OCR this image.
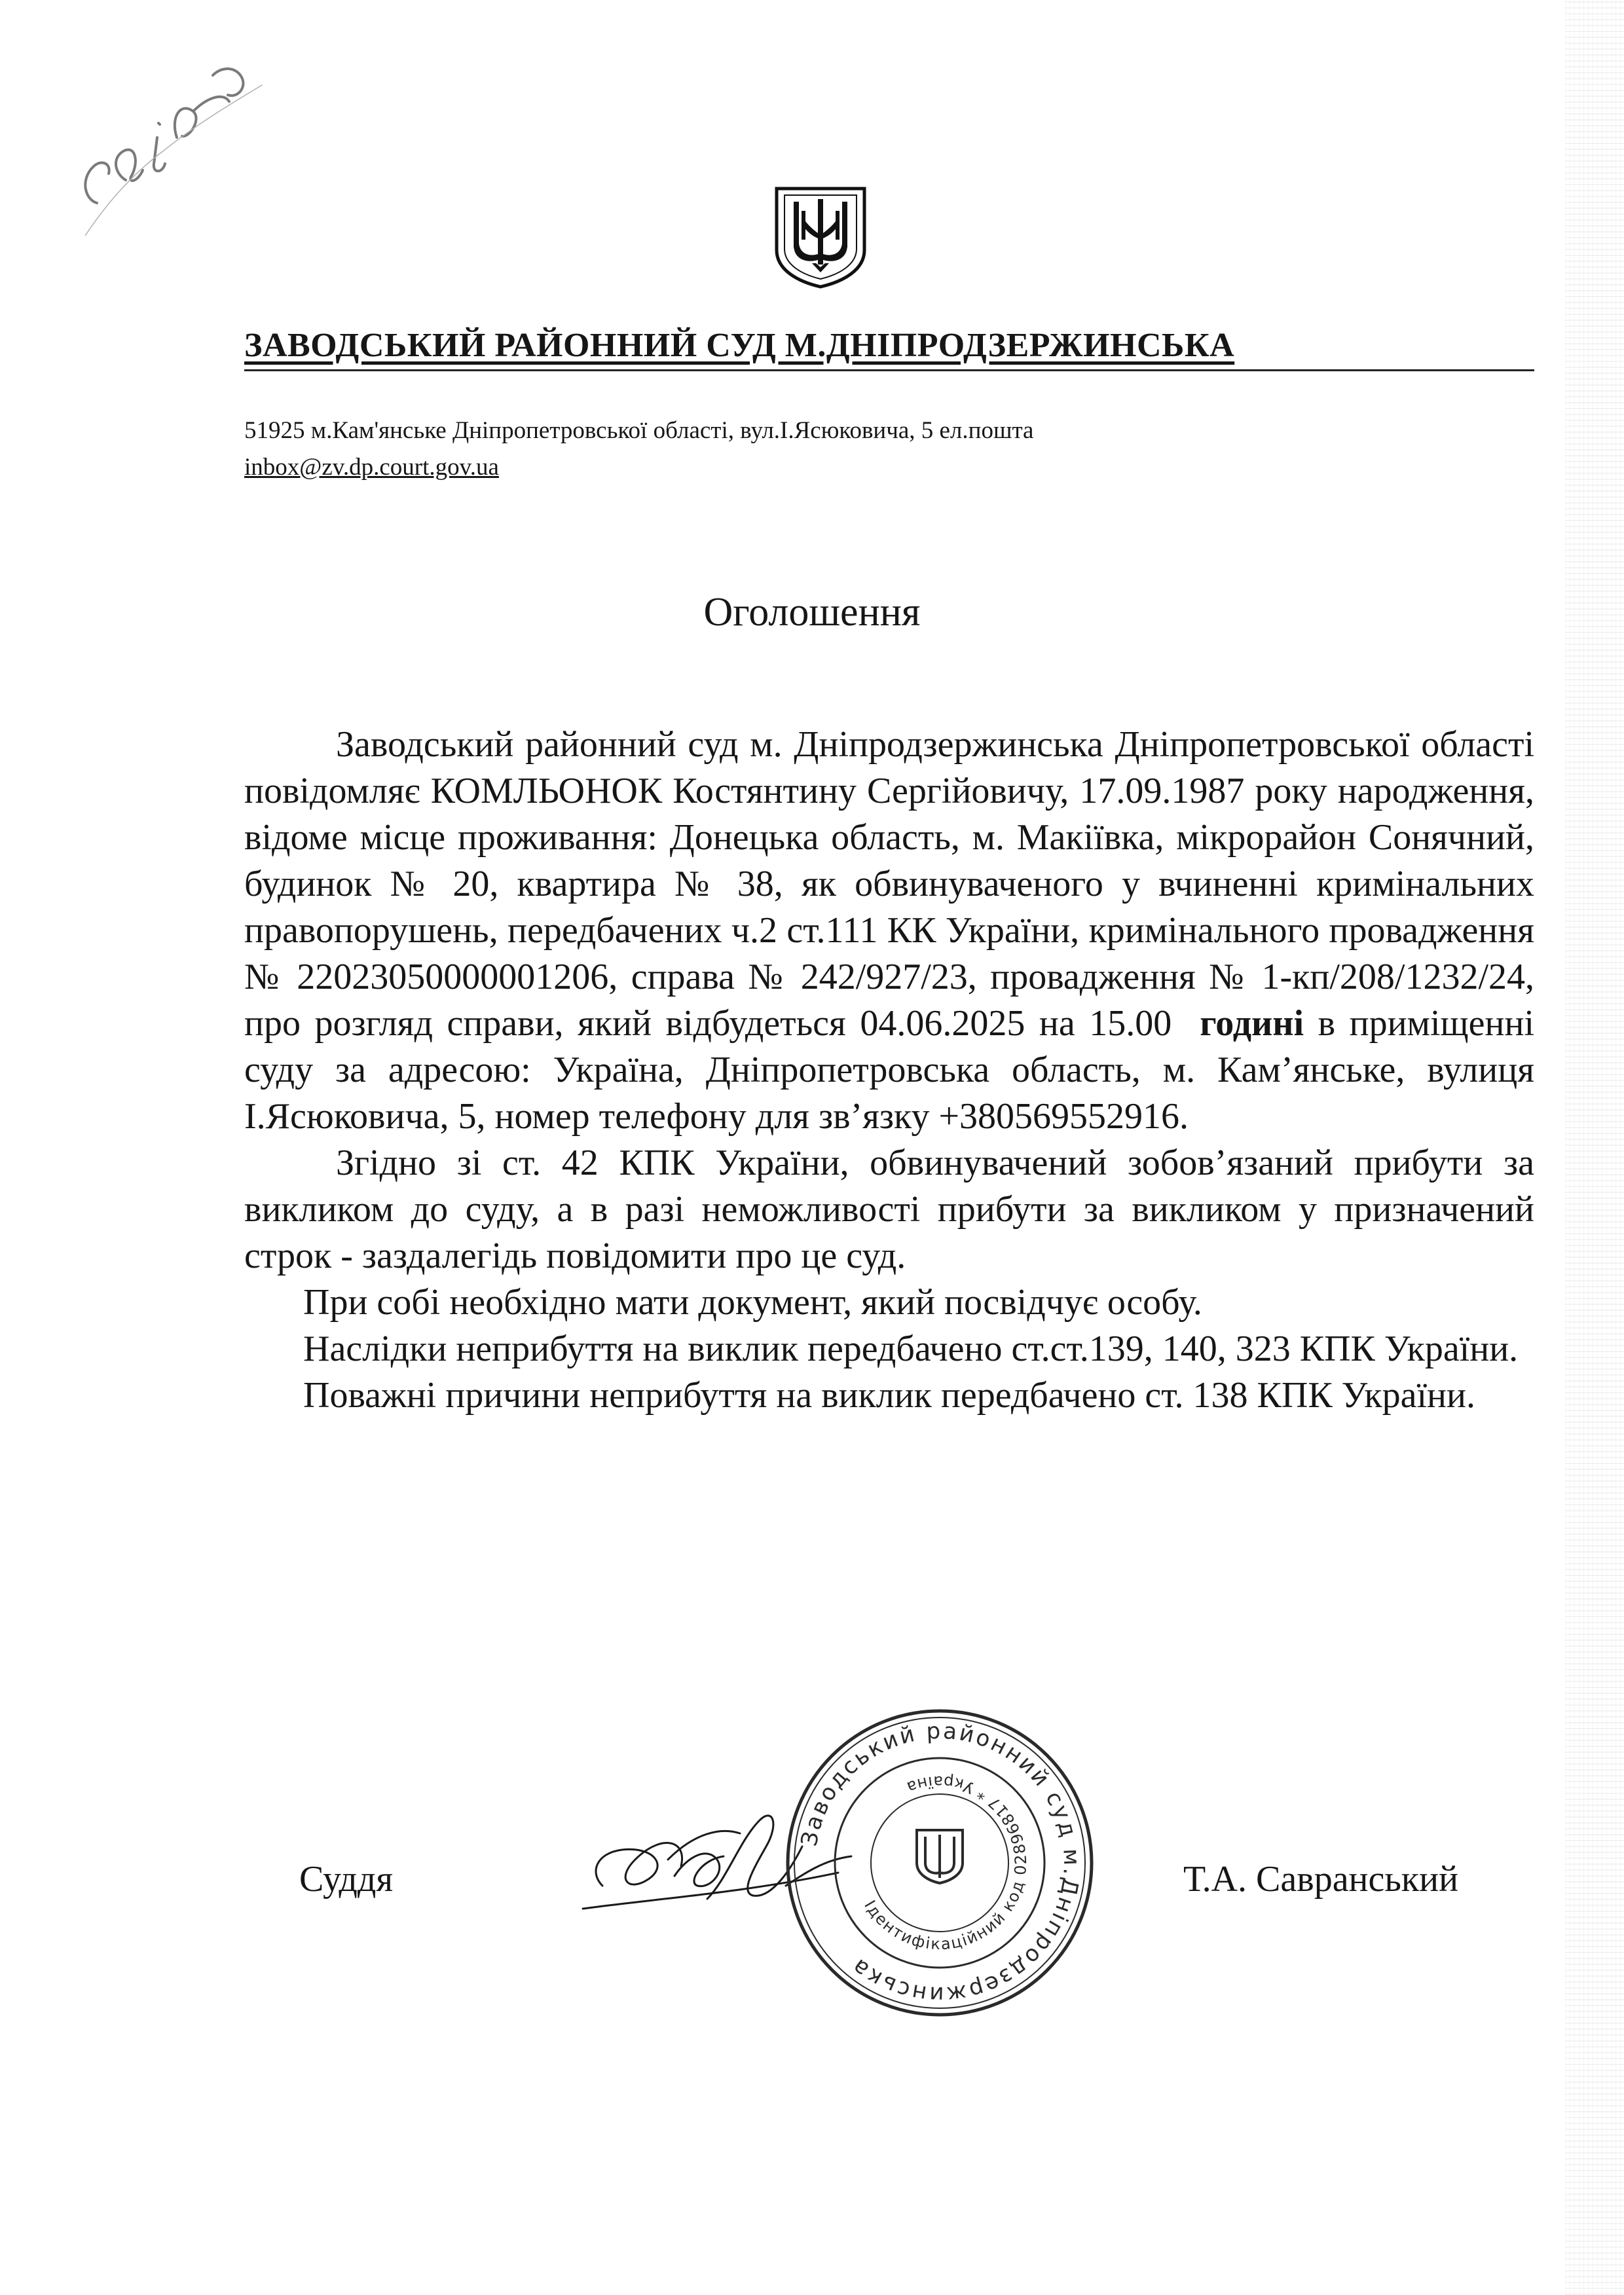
ЗАВОДСЬКИЙ РАЙОННИЙ СУД М.ДНІПРОДЗЕРЖИНСЬКА
51925 м.Кам'янське Дніпропетровської області, вул.І.Ясюковича, 5 ел.пошта
inbox@zv.dp.court.gov.ua
Оголошення

Заводський районний суд м. Дніпродзержинська Дніпропетровської області повідомляє КОМЛЬОНОК Костянтину Сергійовичу, 17.09.1987 року народження, відоме місце проживання: Донецька область, м. Макіївка, мікрорайон Сонячний, будинок № 20, квартира № 38, як обвинуваченого у вчиненні кримінальних правопорушень, передбачених ч.2 ст.111 КК України, кримінального провадження № 22023050000001206, справа № 242/927/23, провадження № 1-кп/208/1232/24, про розгляд справи, який відбудеться 04.06.2025 на 15.00 годині в приміщенні суду за адресою: Україна, Дніпропетровська область, м. Кам’янське, вулиця І.Ясюковича, 5, номер телефону для зв’язку +380569552916.

Згідно зі ст. 42 КПК України, обвинувачений зобов’язаний прибути за викликом до суду, а в разі неможливості прибути за викликом у призначений строк - заздалегідь повідомити про це суд.

При собі необхідно мати документ, який посвідчує особу.

Наслідки неприбуття на виклик передбачено ст.ст.139, 140, 323 КПК України.

Поважні причини неприбуття на виклик передбачено ст. 138 КПК України.

Суддя	Т.А. Савранський
Заводський районний суд м.Дніпродзержинська
Ідентифікаційний код 02896817 * Україна
